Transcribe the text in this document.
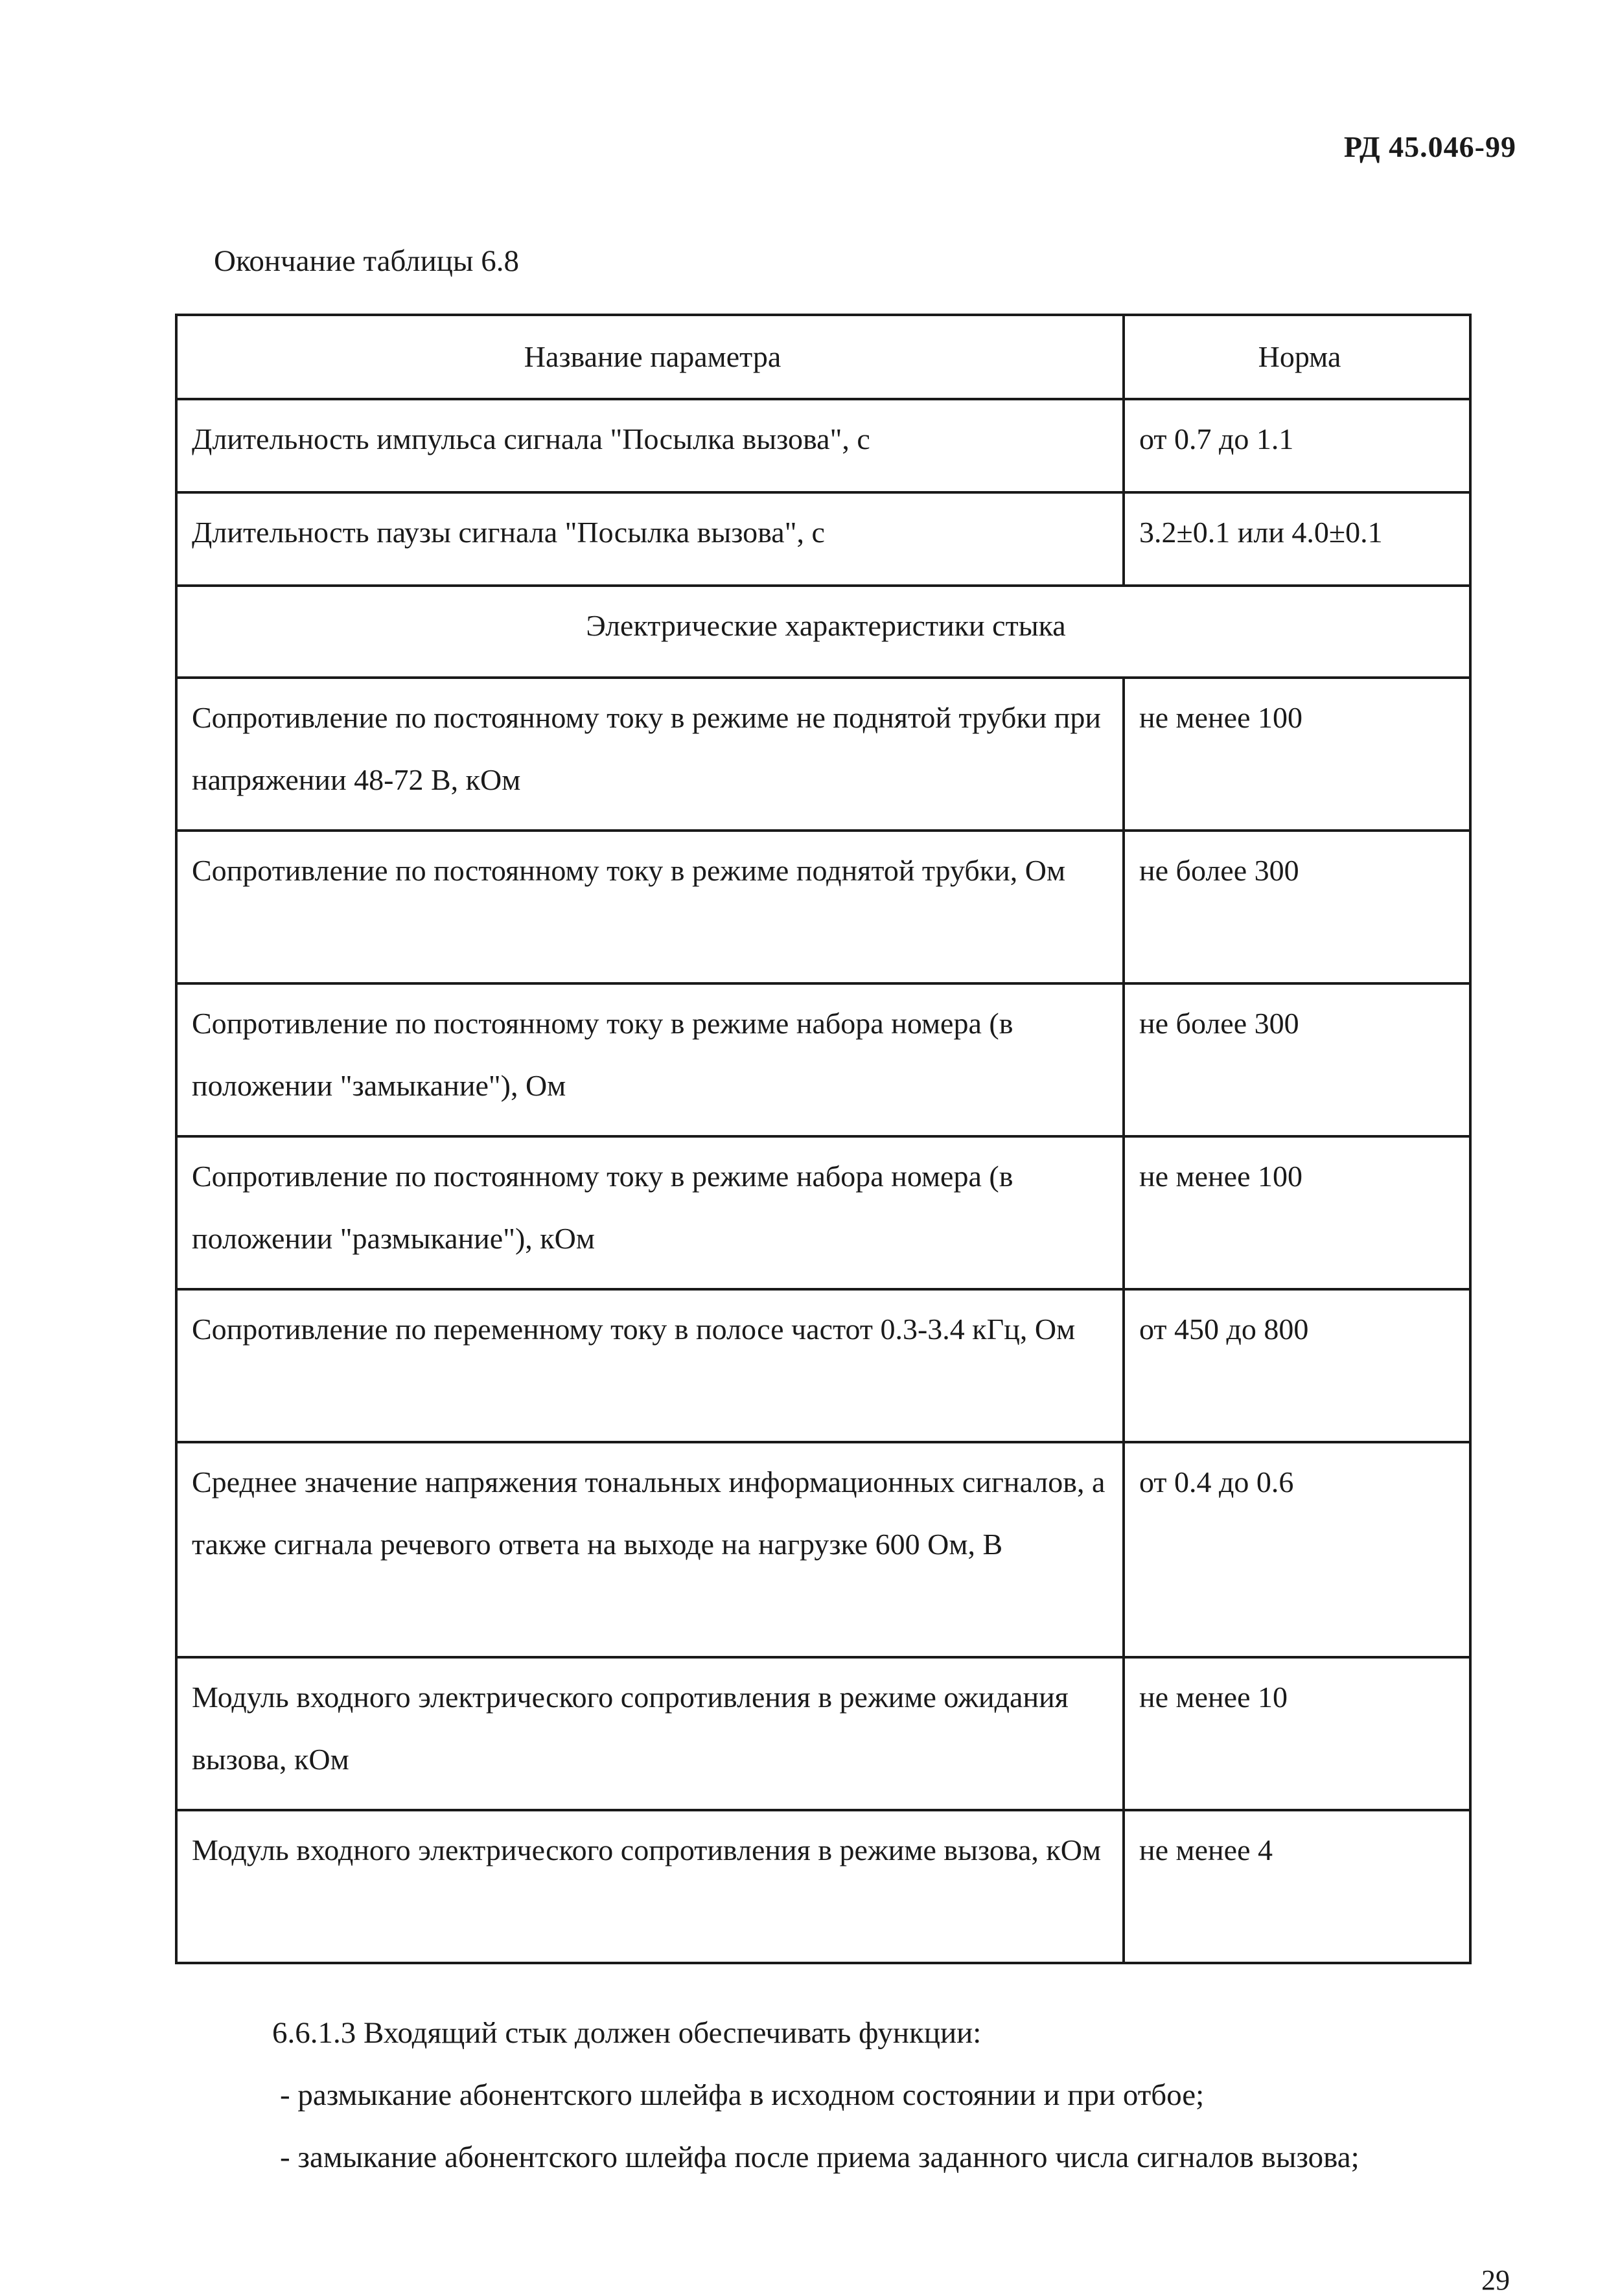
РД 45.046-99
Окончание таблицы 6.8
Название параметра	Норма
Длительность импульса сигнала "Посылка вызова", с	от 0.7 до 1.1
Длительность паузы сигнала "Посылка вызова", с	3.2±0.1 или 4.0±0.1
Электрические характеристики стыка	
Сопротивление по постоянному току в режиме не поднятой трубки при напряжении 48-72 В, кОм	не менее 100
Сопротивление по постоянному току в режиме поднятой трубки, Ом	не более 300
Сопротивление по постоянному току в режиме набора номера (в положении "замыкание"), Ом	не более 300
Сопротивление по постоянному току в режиме набора номера (в положении "размыкание"), кОм	не менее 100
Сопротивление по переменному току в полосе частот 0.3-3.4 кГц, Ом	от 450 до 800
Среднее значение напряжения тональных информационных сигналов, а также сигнала речевого ответа на выходе на нагрузке 600 Ом, В	от 0.4 до 0.6
Модуль входного электрического сопротивления в режиме ожидания вызова, кОм	не менее 10
Модуль входного электрического сопротивления в режиме вызова, кОм	не менее 4

6.6.1.3 Входящий стык должен обеспечивать функции:

- размыкание абонентского шлейфа в исходном состоянии и при отбое;

- замыкание абонентского шлейфа после приема заданного числа сигналов вызова;

29
